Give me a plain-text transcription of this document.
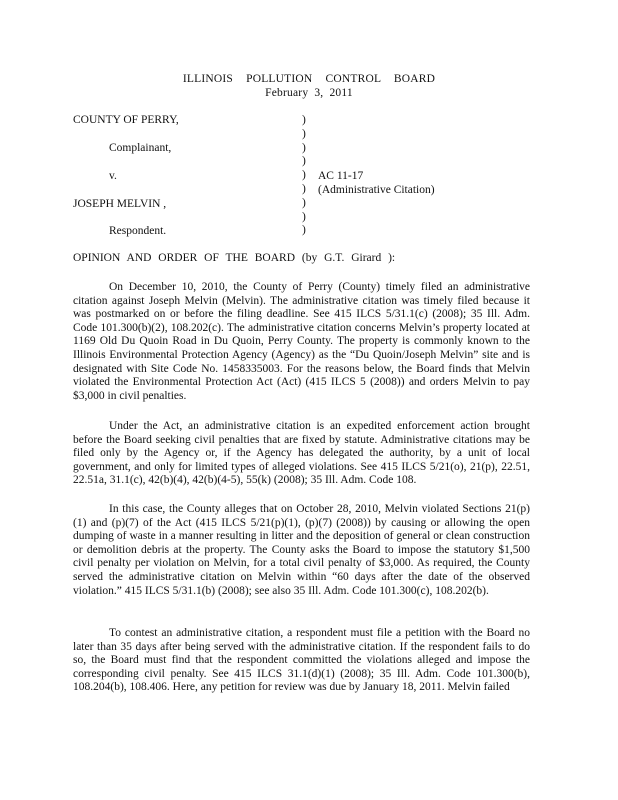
ILLINOIS POLLUTION CONTROL BOARD
February 3, 2011
COUNTY OF PERRY,
Complainant,
v.
JOSEPH MELVIN ,
Respondent.
)
)
)
)
)
)
)
)
)
AC 11-17
(Administrative Citation)
OPINION AND ORDER OF THE BOARD (by G.T. Girard ):

On December 10, 2010, the County of Perry (County) timely filed an administrative citation against Joseph Melvin (Melvin). The administrative citation was timely filed because it was postmarked on or before the filing deadline. See 415 ILCS 5/31.1(c) (2008); 35 Ill. Adm. Code 101.300(b)(2), 108.202(c). The administrative citation concerns Melvin’s property located at 1169 Old Du Quoin Road in Du Quoin, Perry County. The property is commonly known to the Illinois Environmental Protection Agency (Agency) as the “Du Quoin/Joseph Melvin” site and is designated with Site Code No. 1458335003. For the reasons below, the Board finds that Melvin violated the Environmental Protection Act (Act) (415 ILCS 5 (2008)) and orders Melvin to pay $3,000 in civil penalties.

Under the Act, an administrative citation is an expedited enforcement action brought before the Board seeking civil penalties that are fixed by statute. Administrative citations may be filed only by the Agency or, if the Agency has delegated the authority, by a unit of local government, and only for limited types of alleged violations. See 415 ILCS 5/21(o), 21(p), 22.51, 22.51a, 31.1(c), 42(b)(4), 42(b)(4-5), 55(k) (2008); 35 Ill. Adm. Code 108.

In this case, the County alleges that on October 28, 2010, Melvin violated Sections 21(p)(1) and (p)(7) of the Act (415 ILCS 5/21(p)(1), (p)(7) (2008)) by causing or allowing the open dumping of waste in a manner resulting in litter and the deposition of general or clean construction or demolition debris at the property. The County asks the Board to impose the statutory $1,500 civil penalty per violation on Melvin, for a total civil penalty of $3,000. As required, the County served the administrative citation on Melvin within “60 days after the date of the observed violation.” 415 ILCS 5/31.1(b) (2008); see also 35 Ill. Adm. Code 101.300(c), 108.202(b).

To contest an administrative citation, a respondent must file a petition with the Board no later than 35 days after being served with the administrative citation. If the respondent fails to do so, the Board must find that the respondent committed the violations alleged and impose the corresponding civil penalty. See 415 ILCS 31.1(d)(1) (2008); 35 Ill. Adm. Code 101.300(b), 108.204(b), 108.406. Here, any petition for review was due by January 18, 2011. Melvin failed
